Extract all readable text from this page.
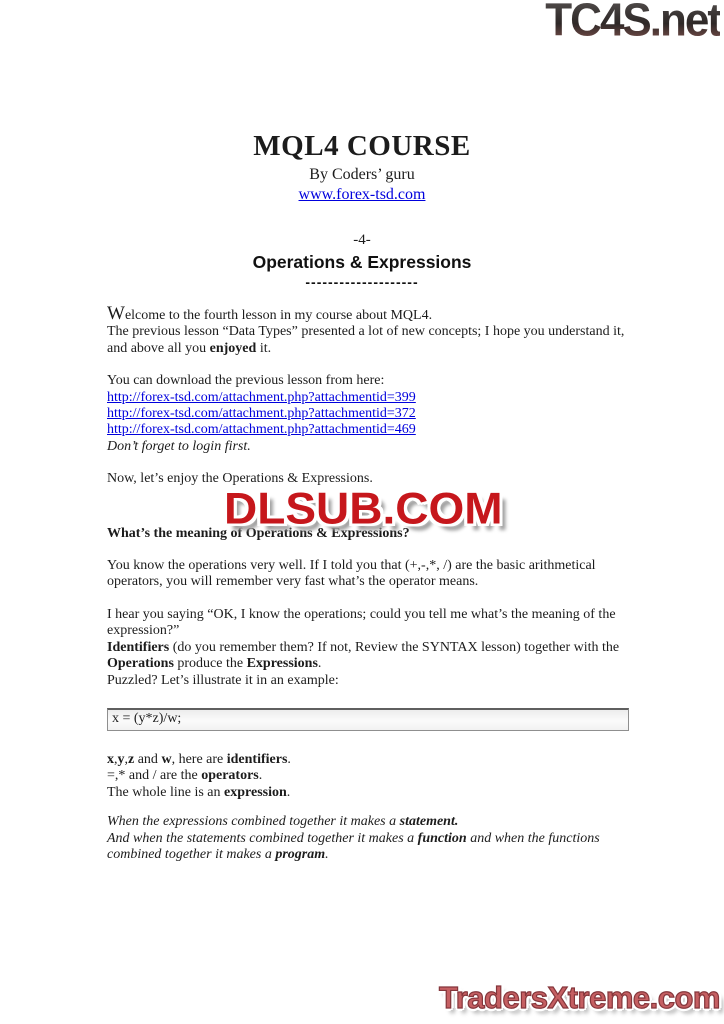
TC4S.net
MQL4 COURSE
By Coders’ guru
www.forex-tsd.com
-4-
Operations & Expressions
--------------------

Welcome to the fourth lesson in my course about MQL4.

The previous lesson “Data Types” presented a lot of new concepts; I hope you understand it, and above all you enjoyed it.

You can download the previous lesson from here:

http://forex-tsd.com/attachment.php?attachmentid=399
http://forex-tsd.com/attachment.php?attachmentid=372
http://forex-tsd.com/attachment.php?attachmentid=469

Don’t forget to login first.

Now, let’s enjoy the Operations & Expressions.

What’s the meaning of Operations & Expressions?

You know the operations very well. If I told you that (+,-,*, /) are the basic arithmetical operators, you will remember very fast what’s the operator means.

I hear you saying “OK, I know the operations; could you tell me what’s the meaning of the expression?”

Identifiers (do you remember them? If not, Review the SYNTAX lesson) together with the Operations produce the Expressions.

Puzzled? Let’s illustrate it in an example:

x = (y*z)/w;

x,y,z and w, here are identifiers.

=,* and / are the operators.

The whole line is an expression.

When the expressions combined together it makes a statement.

And when the statements combined together it makes a function and when the functions combined together it makes a program.

DLSUB.COM
TradersXtreme.com
